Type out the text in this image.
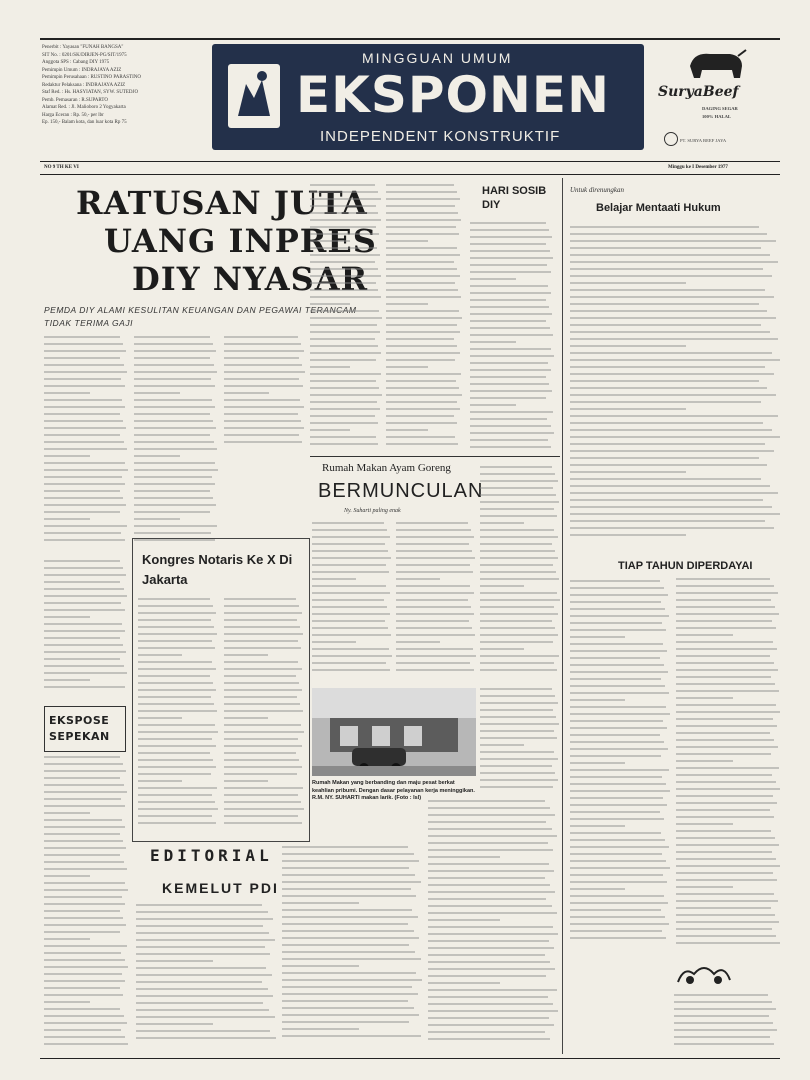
Penerbit : Yayasan "FUNAH BANGSA"
SIT No. : 0201/SK/DIRJEN-PG/SIT/1975
Anggota SPS : Cabang DIY 1975
Pemimpin Umum : INDRAJAYA AZIZ
Pemimpin Perusahaan : RUSTINO PARASTINO
Redaktur Pelaksana : INDRAJAYA AZIZ
Staf Red. : Hs. HASYIATAN, SYW. SUTEDJO
Pemb. Pemasaran : R.SUPARTO
Alamat Red. : Jl. Malioboro 2 Yogyakarta
Harga Eceran : Rp. 50,- per lbr
Ep. 150,- Balam kota, dan luar kota Rp 75
MINGGUAN UMUM
EKSPONEN
INDEPENDENT KONSTRUKTIF
SuryaBeef
DAGING SEGAR
100% HALAL
PT. SURYA BEEF JAYA
NO 9 TH KE VI	Minggu ke I Desember 1977
RATUSAN JUTA
UANG INPRES
DIY NYASAR
PEMDA DIY ALAMI KESULITAN KEUANGAN DAN PEGAWAI TERANCAM TIDAK TERIMA GAJI
HARI SOSIB DIY
Untuk direnungkan
Belajar Mentaati Hukum
Rumah Makan Ayam Goreng
BERMUNCULAN
Ny. Suharti paling enak
Rumah Makan yang berbanding dan maju pesat berkat keahlian pribumi. Dengan dasar pelayanan kerja meninggikan. R.M. NY. SUHARTI makan larik. (Foto : Isl)
Kongres Notaris Ke X Di Jakarta
EKSPOSE SEPEKAN
EDITORIAL
KEMELUT PDI
TIAP TAHUN DIPERDAYAI
